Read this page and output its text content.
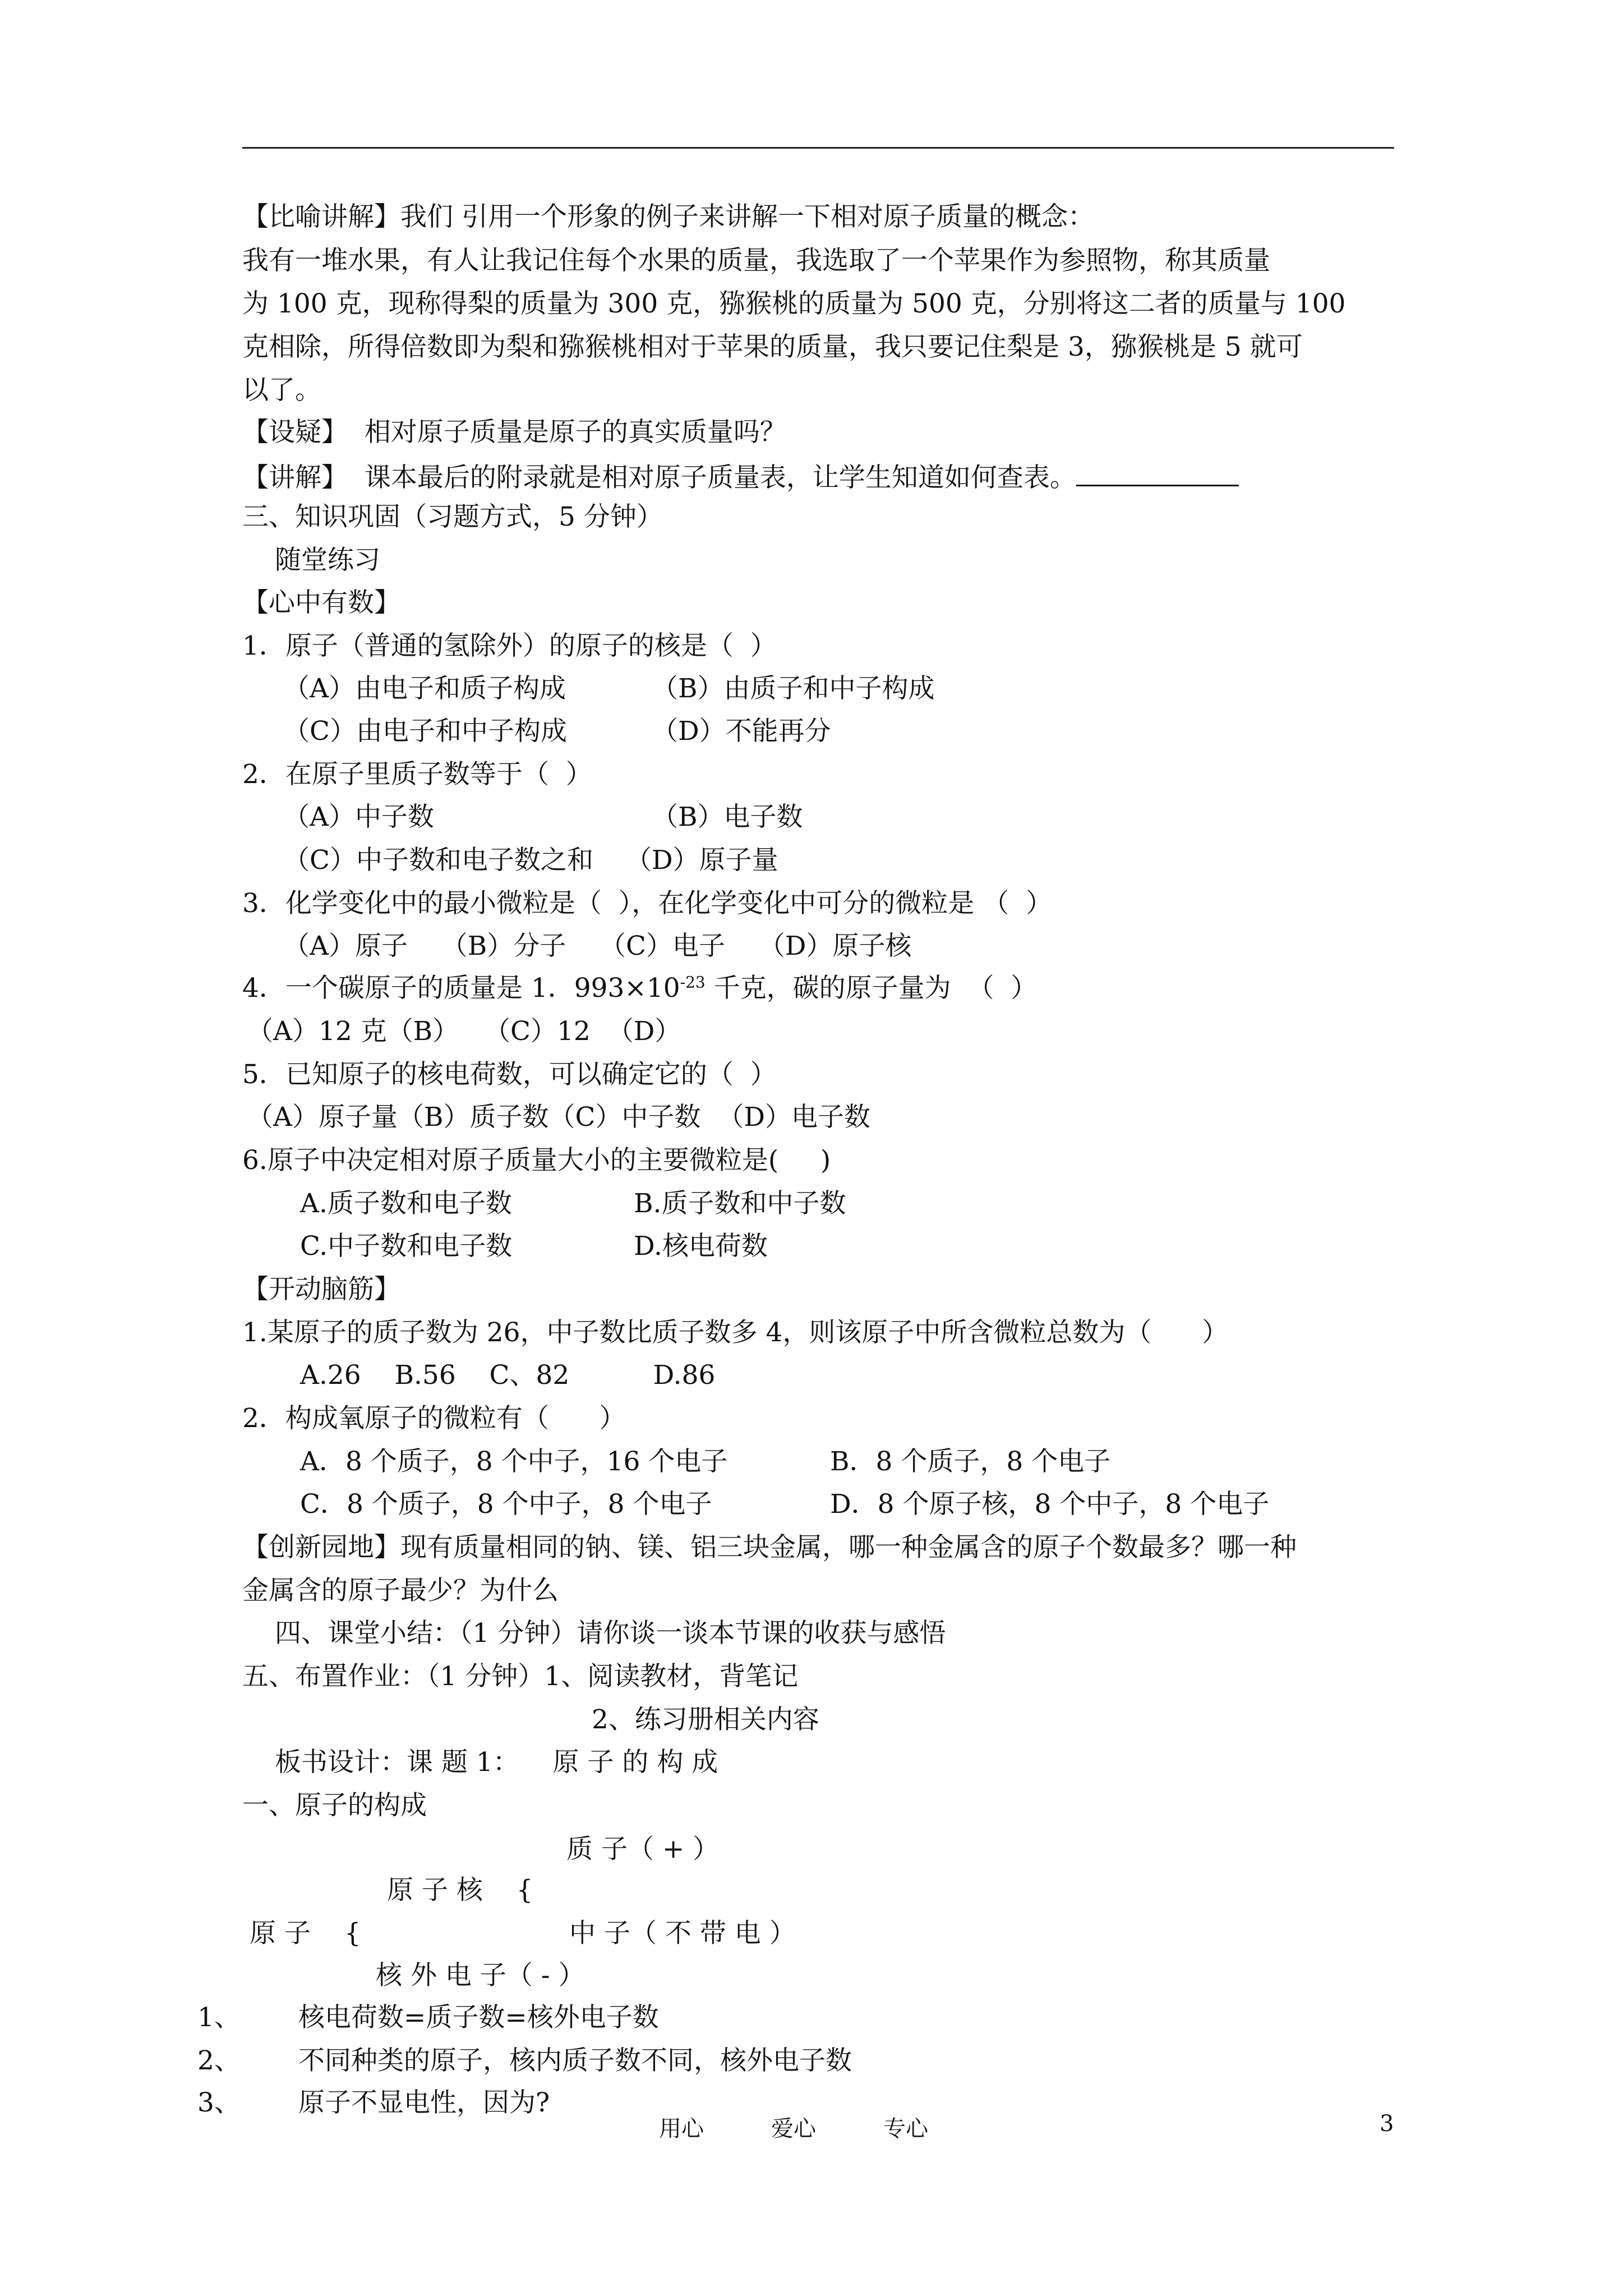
【比喻讲解】我们 引用一个形象的例子来讲解一下相对原子质量的概念：
我有一堆水果，有人让我记住每个水果的质量，我选取了一个苹果作为参照物，称其质量
为 100 克，现称得梨的质量为 300 克，猕猴桃的质量为 500 克，分别将这二者的质量与 100
克相除，所得倍数即为梨和猕猴桃相对于苹果的质量，我只要记住梨是 3，猕猴桃是 5 就可
以了。
【设疑】  相对原子质量是原子的真实质量吗？
【讲解】  课本最后的附录就是相对原子质量表，让学生知道如何查表。
三、知识巩固（习题方式，5 分钟）
随堂练习
【心中有数】
1．原子（普通的氢除外）的原子的核是（  ）
（A）由电子和质子构成	（B）由质子和中子构成
（C）由电子和中子构成	（D）不能再分
2．在原子里质子数等于（  ）
（A）中子数	（B）电子数
（C）中子数和电子数之和 （D）原子量
3．化学变化中的最小微粒是（  ），在化学变化中可分的微粒是 （  ）
（A）原子    （B）分子    （C）电子    （D）原子核
4．一个碳原子的质量是 1．$993\times 10^{-23}$ 千克，碳的原子量为  （  ）
（A）12 克（B）   （C）12  （D）
5．已知原子的核电荷数，可以确定它的（  ）
（A）原子量（B）质子数（C）中子数  （D）电子数
6.原子中决定相对原子质量大小的主要微粒是(     )
A.质子数和电子数	B.质子数和中子数
C.中子数和电子数	D.核电荷数
【开动脑筋】
1.某原子的质子数为 26，中子数比质子数多 4，则该原子中所含微粒总数为（      ）
A.26    B.56    C、82          D.86
2．构成氧原子的微粒有（      ）
A．8 个质子，8 个中子，16 个电子	B．8 个质子，8 个电子
C．8 个质子，8 个中子，8 个电子	D．8 个原子核，8 个中子，8 个电子
【创新园地】现有质量相同的钠、镁、铝三块金属，哪一种金属含的原子个数最多？哪一种
金属含的原子最少？为什么
四、课堂小结：（1 分钟）请你谈一谈本节课的收获与感悟
五、布置作业：（1 分钟）1、阅读教材，背笔记
2、练习册相关内容
板书设计：课 题 1：    原 子 的 构 成
一、原子的构成
质 子（ + ）
原 子 核    {
原 子    {	中 子（ 不 带 电 ）
核 外 电 子（ - ）
1、 核电荷数=质子数=核外电子数
2、 不同种类的原子，核内质子数不同，核外电子数
3、 原子不显电性，因为?
用心	爱心	专心	3
